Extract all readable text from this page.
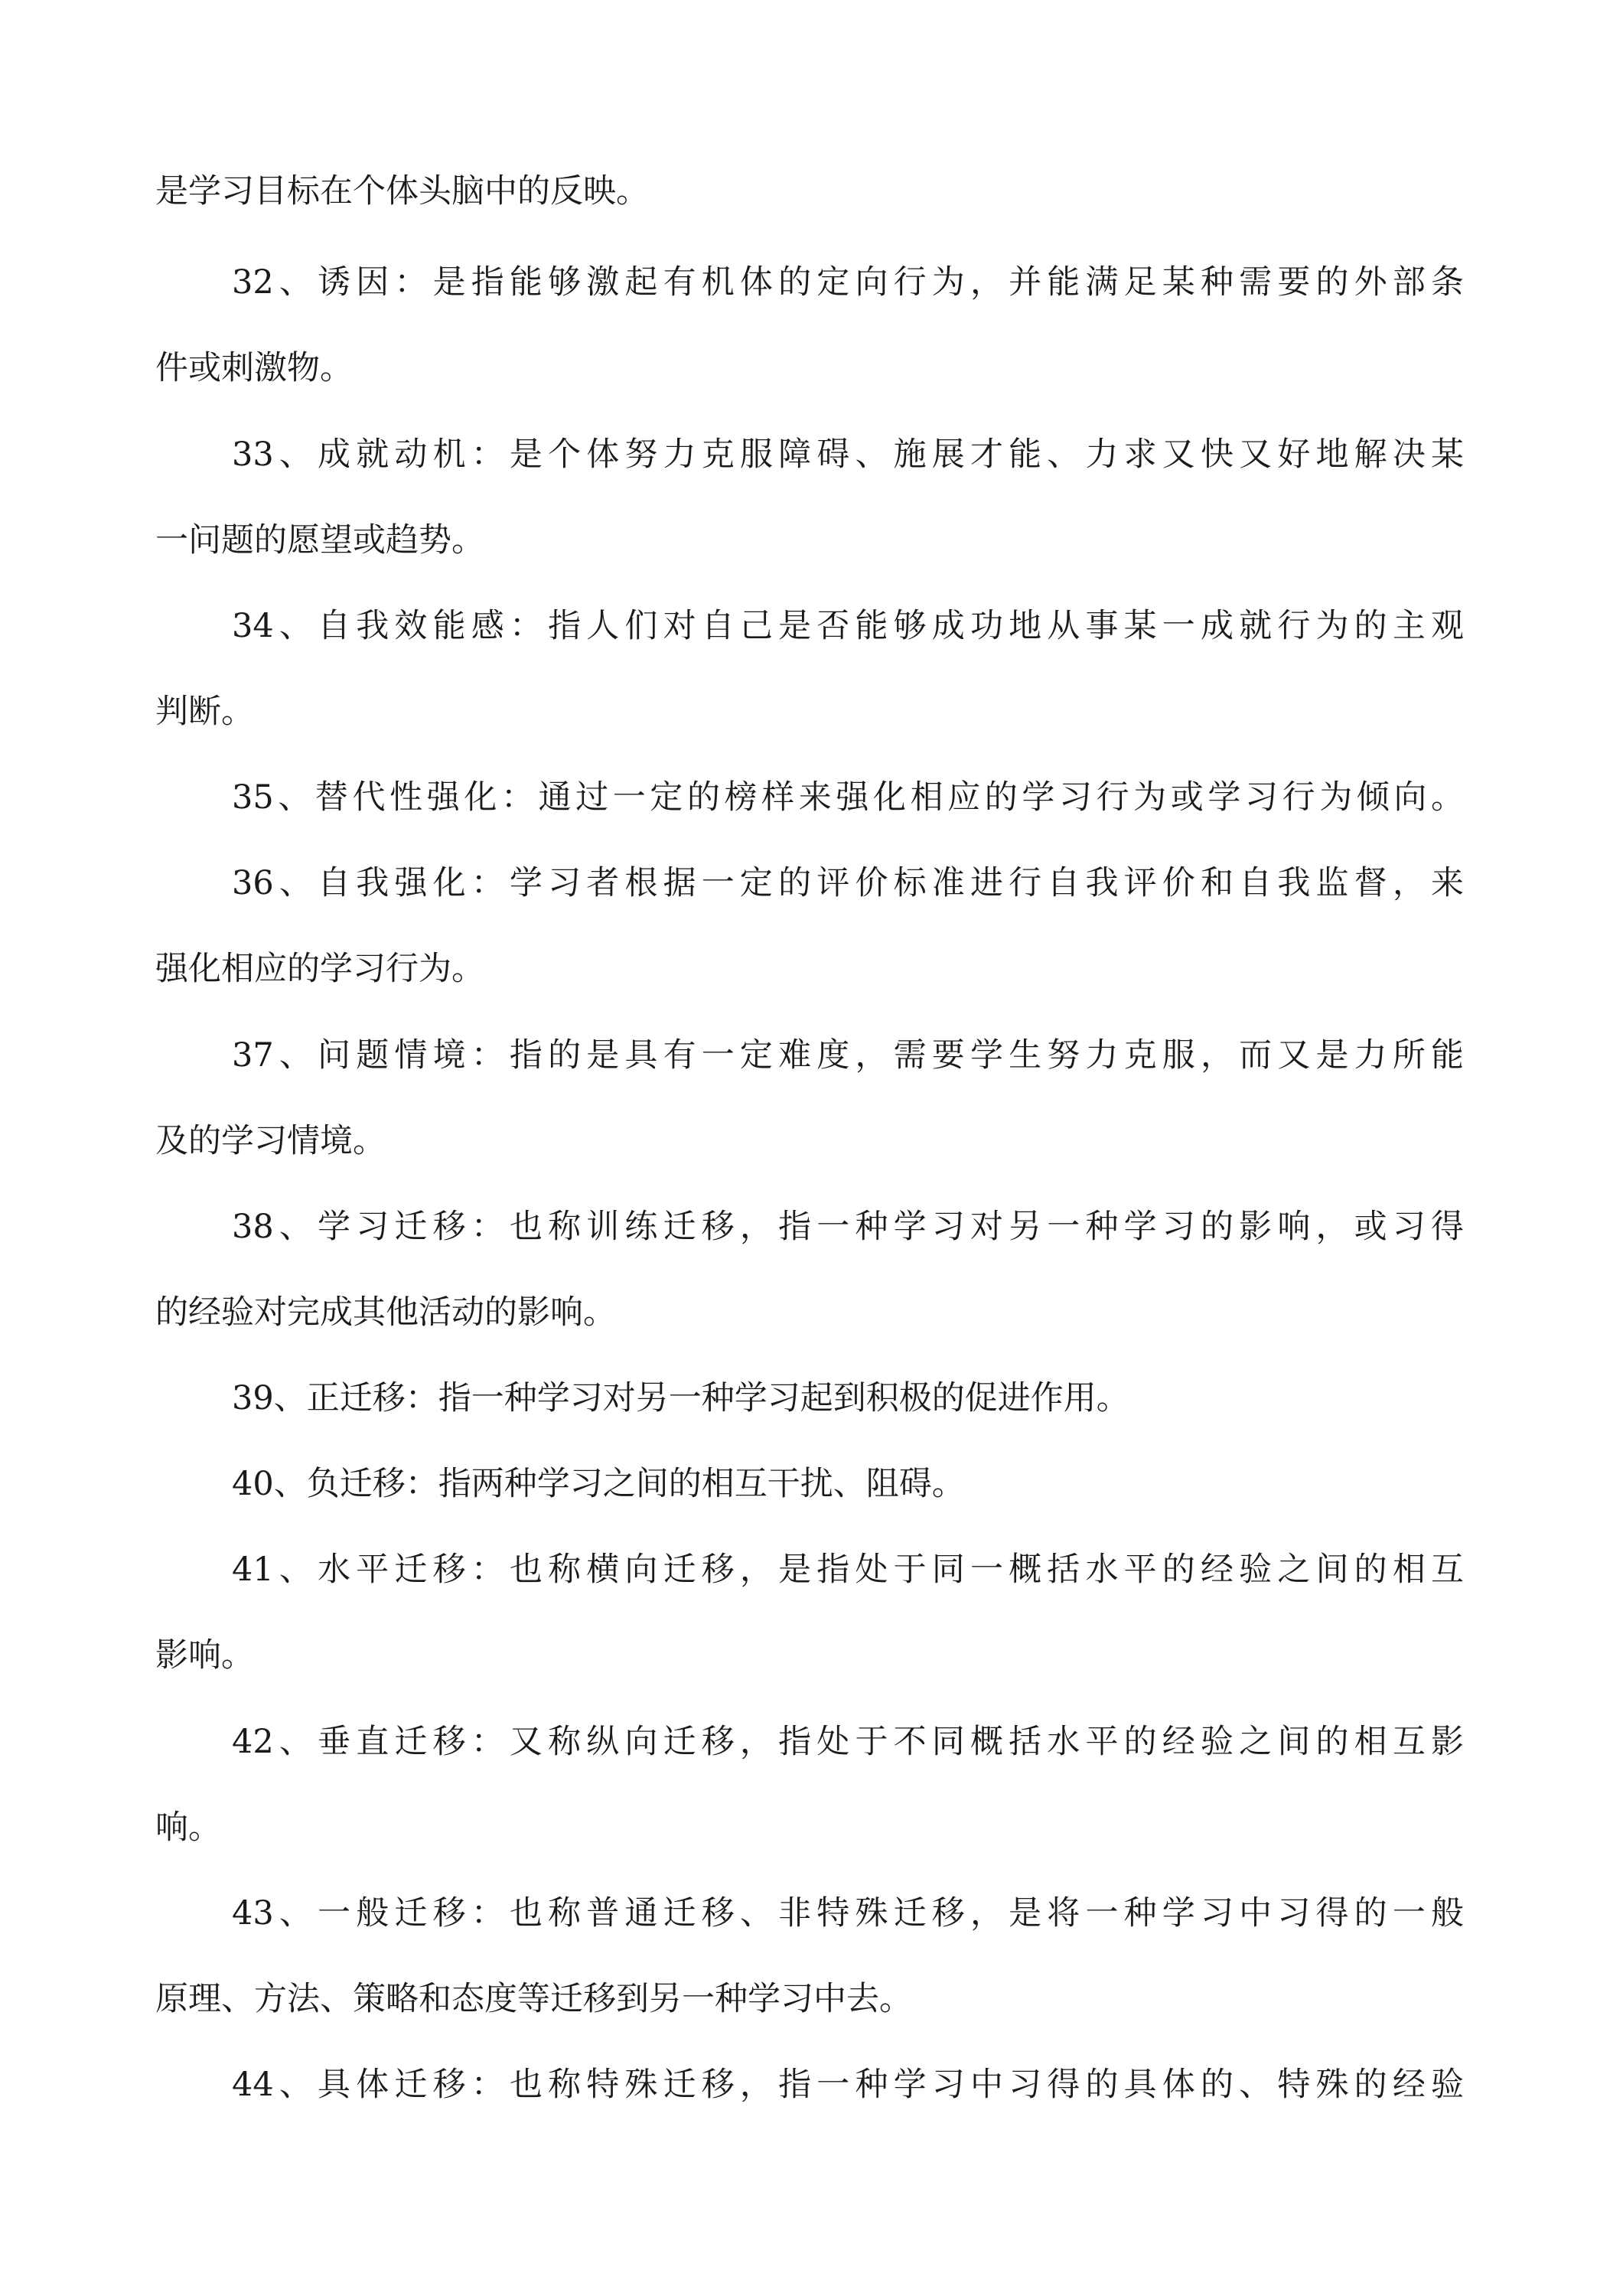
是学习目标在个体头脑中的反映。
32、诱因：是指能够激起有机体的定向行为，并能满足某种需要的外部条
件或刺激物。
33、成就动机：是个体努力克服障碍、施展才能、力求又快又好地解决某
一问题的愿望或趋势。
34、自我效能感：指人们对自己是否能够成功地从事某一成就行为的主观
判断。
35、替代性强化：通过一定的榜样来强化相应的学习行为或学习行为倾向。
36、自我强化：学习者根据一定的评价标准进行自我评价和自我监督，来
强化相应的学习行为。
37、问题情境：指的是具有一定难度，需要学生努力克服，而又是力所能
及的学习情境。
38、学习迁移：也称训练迁移，指一种学习对另一种学习的影响，或习得
的经验对完成其他活动的影响。
39、正迁移：指一种学习对另一种学习起到积极的促进作用。
40、负迁移：指两种学习之间的相互干扰、阻碍。
41、水平迁移：也称横向迁移，是指处于同一概括水平的经验之间的相互
影响。
42、垂直迁移：又称纵向迁移，指处于不同概括水平的经验之间的相互影
响。
43、一般迁移：也称普通迁移、非特殊迁移，是将一种学习中习得的一般
原理、方法、策略和态度等迁移到另一种学习中去。
44、具体迁移：也称特殊迁移，指一种学习中习得的具体的、特殊的经验
